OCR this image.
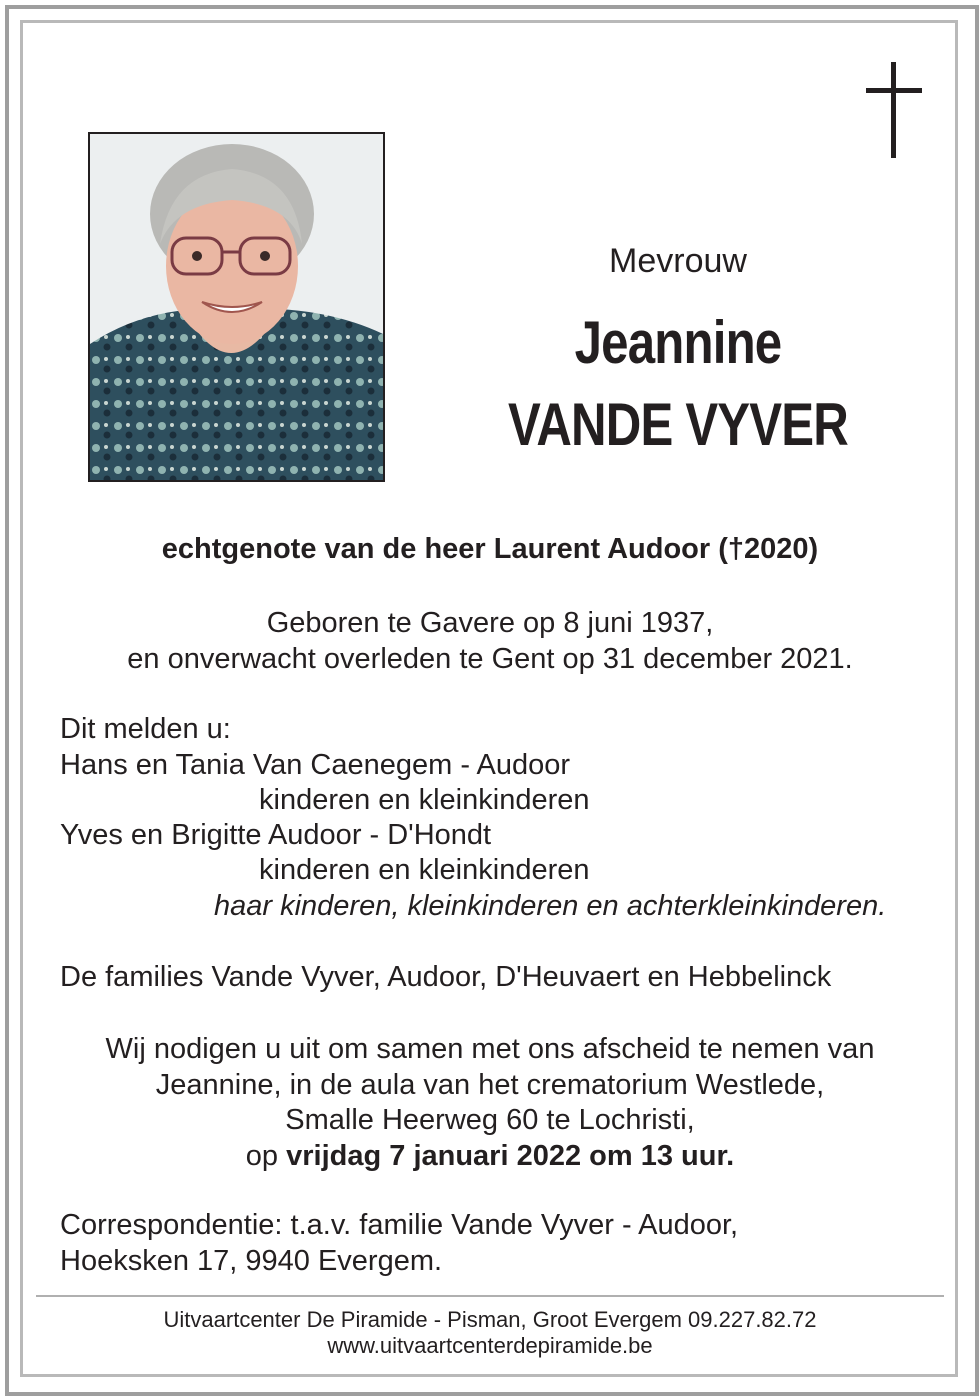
Mevrouw
Jeannine
VANDE VYVER
echtgenote van de heer Laurent Audoor (†2020)
Geboren te Gavere op 8 juni 1937,
en onverwacht overleden te Gent op 31 december 2021.
Dit melden u:
Hans en Tania Van Caenegem - Audoor
kinderen en kleinkinderen
Yves en Brigitte Audoor - D'Hondt
kinderen en kleinkinderen
haar kinderen, kleinkinderen en achterkleinkinderen.
De families Vande Vyver, Audoor, D'Heuvaert en Hebbelinck
Wij nodigen u uit om samen met ons afscheid te nemen van
Jeannine, in de aula van het crematorium Westlede,
Smalle Heerweg 60 te Lochristi,
op vrijdag 7 januari 2022 om 13 uur.
Correspondentie: t.a.v. familie Vande Vyver - Audoor,
Hoeksken 17, 9940 Evergem.
Uitvaartcenter De Piramide - Pisman, Groot Evergem 09.227.82.72
www.uitvaartcenterdepiramide.be
